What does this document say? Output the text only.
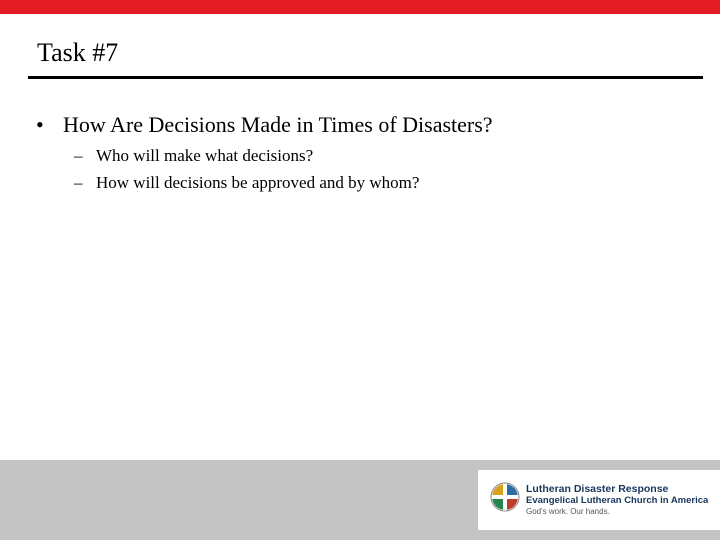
Task #7
• How Are Decisions Made in Times of Disasters?
– Who will make what decisions?
– How will decisions be approved and by whom?
Lutheran Disaster Response
Evangelical Lutheran Church in America
God's work. Our hands.
